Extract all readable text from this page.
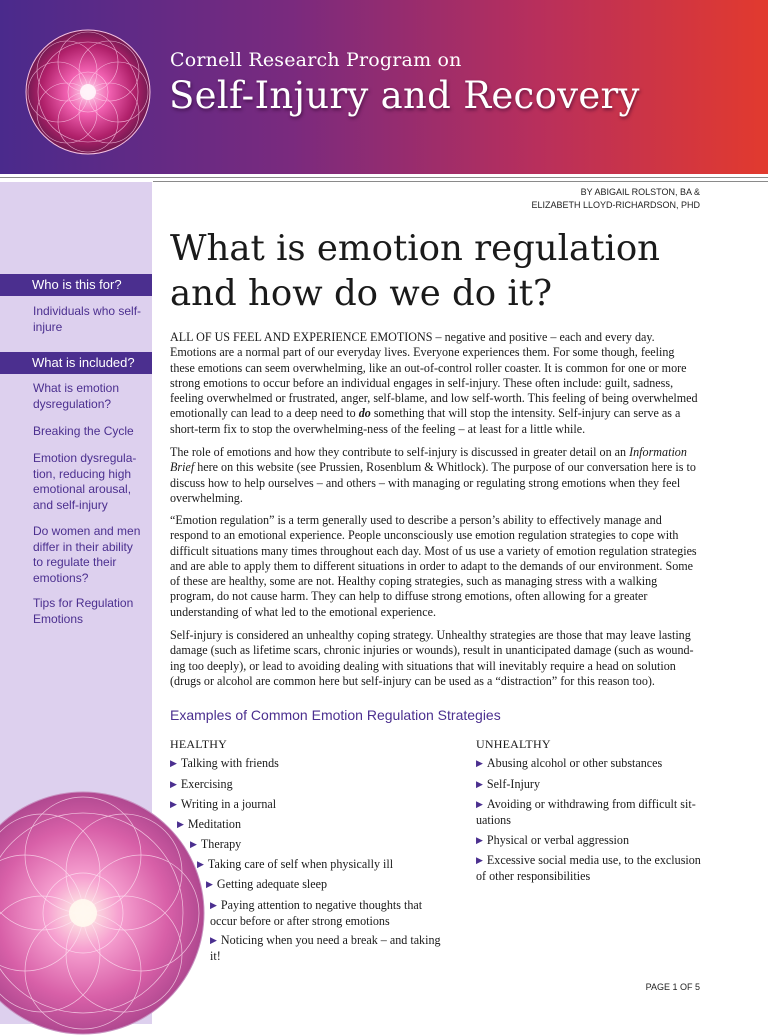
Cornell Research Program on
Self-Injury and Recovery
Who is this for?
Individuals who self-injure
What is included?
What is emotion dysregulation?
Breaking the Cycle
Emotion dysregula-tion, reducing high emotional arousal, and self-injury
Do women and men differ in their ability to regulate their emotions?
Tips for Regulation Emotions
BY ABIGAIL ROLSTON, BA &
ELIZABETH LLOYD-RICHARDSON, PHD
What is emotion regulation and how do we do it?
ALL OF US FEEL AND EXPERIENCE EMOTIONS – negative and positive – each and every day. Emotions are a normal part of our everyday lives. Everyone experiences them. For some though, feeling these emotions can seem overwhelming, like an out-of-control roller coaster. It is common for one or more strong emotions to occur before an individual engages in self-injury. These often include: guilt, sadness, feeling overwhelmed or frustrated, anger, self-blame, and low self-worth. This feeling of being overwhelmed emotionally can lead to a deep need to do something that will stop the intensity. Self-injury can serve as a short-term fix to stop the overwhelming-ness of the feeling – at least for a little while.
The role of emotions and how they contribute to self-injury is discussed in greater detail on an Information Brief here on this website (see Prussien, Rosenblum & Whitlock). The purpose of our conversation here is to discuss how to help ourselves – and others – with managing or regulating strong emotions when they feel overwhelming.
“Emotion regulation” is a term generally used to describe a person’s ability to effectively manage and respond to an emotional experience. People unconsciously use emotion regulation strategies to cope with difficult situations many times throughout each day. Most of us use a variety of emotion regulation strategies and are able to apply them to different situations in order to adapt to the demands of our environment. Some of these are healthy, some are not. Healthy coping strategies, such as managing stress with a walking program, do not cause harm. They can help to diffuse strong emotions, often allowing for a greater understanding of what led to the emotional experience.
Self-injury is considered an unhealthy coping strategy. Unhealthy strategies are those that may leave lasting damage (such as lifetime scars, chronic injuries or wounds), result in unanticipated damage (such as wound-ing too deeply), or lead to avoiding dealing with situations that will inevitably require a head on solution (drugs or alcohol are common here but self-injury can be used as a “distraction” for this reason too).
Examples of Common Emotion Regulation Strategies
HEALTHY	UNHEALTHY
▶ Talking with friends
▶ Exercising
▶ Writing in a journal
▶ Meditation
▶ Therapy
▶ Taking care of self when physically ill
▶ Getting adequate sleep
▶ Paying attention to negative thoughts that occur before or after strong emotions
▶ Noticing when you need a break – and taking it!
▶ Abusing alcohol or other substances
▶ Self-Injury
▶ Avoiding or withdrawing from difficult sit-uations
▶ Physical or verbal aggression
▶ Excessive social media use, to the exclusion of other responsibilities
PAGE 1 OF 5
